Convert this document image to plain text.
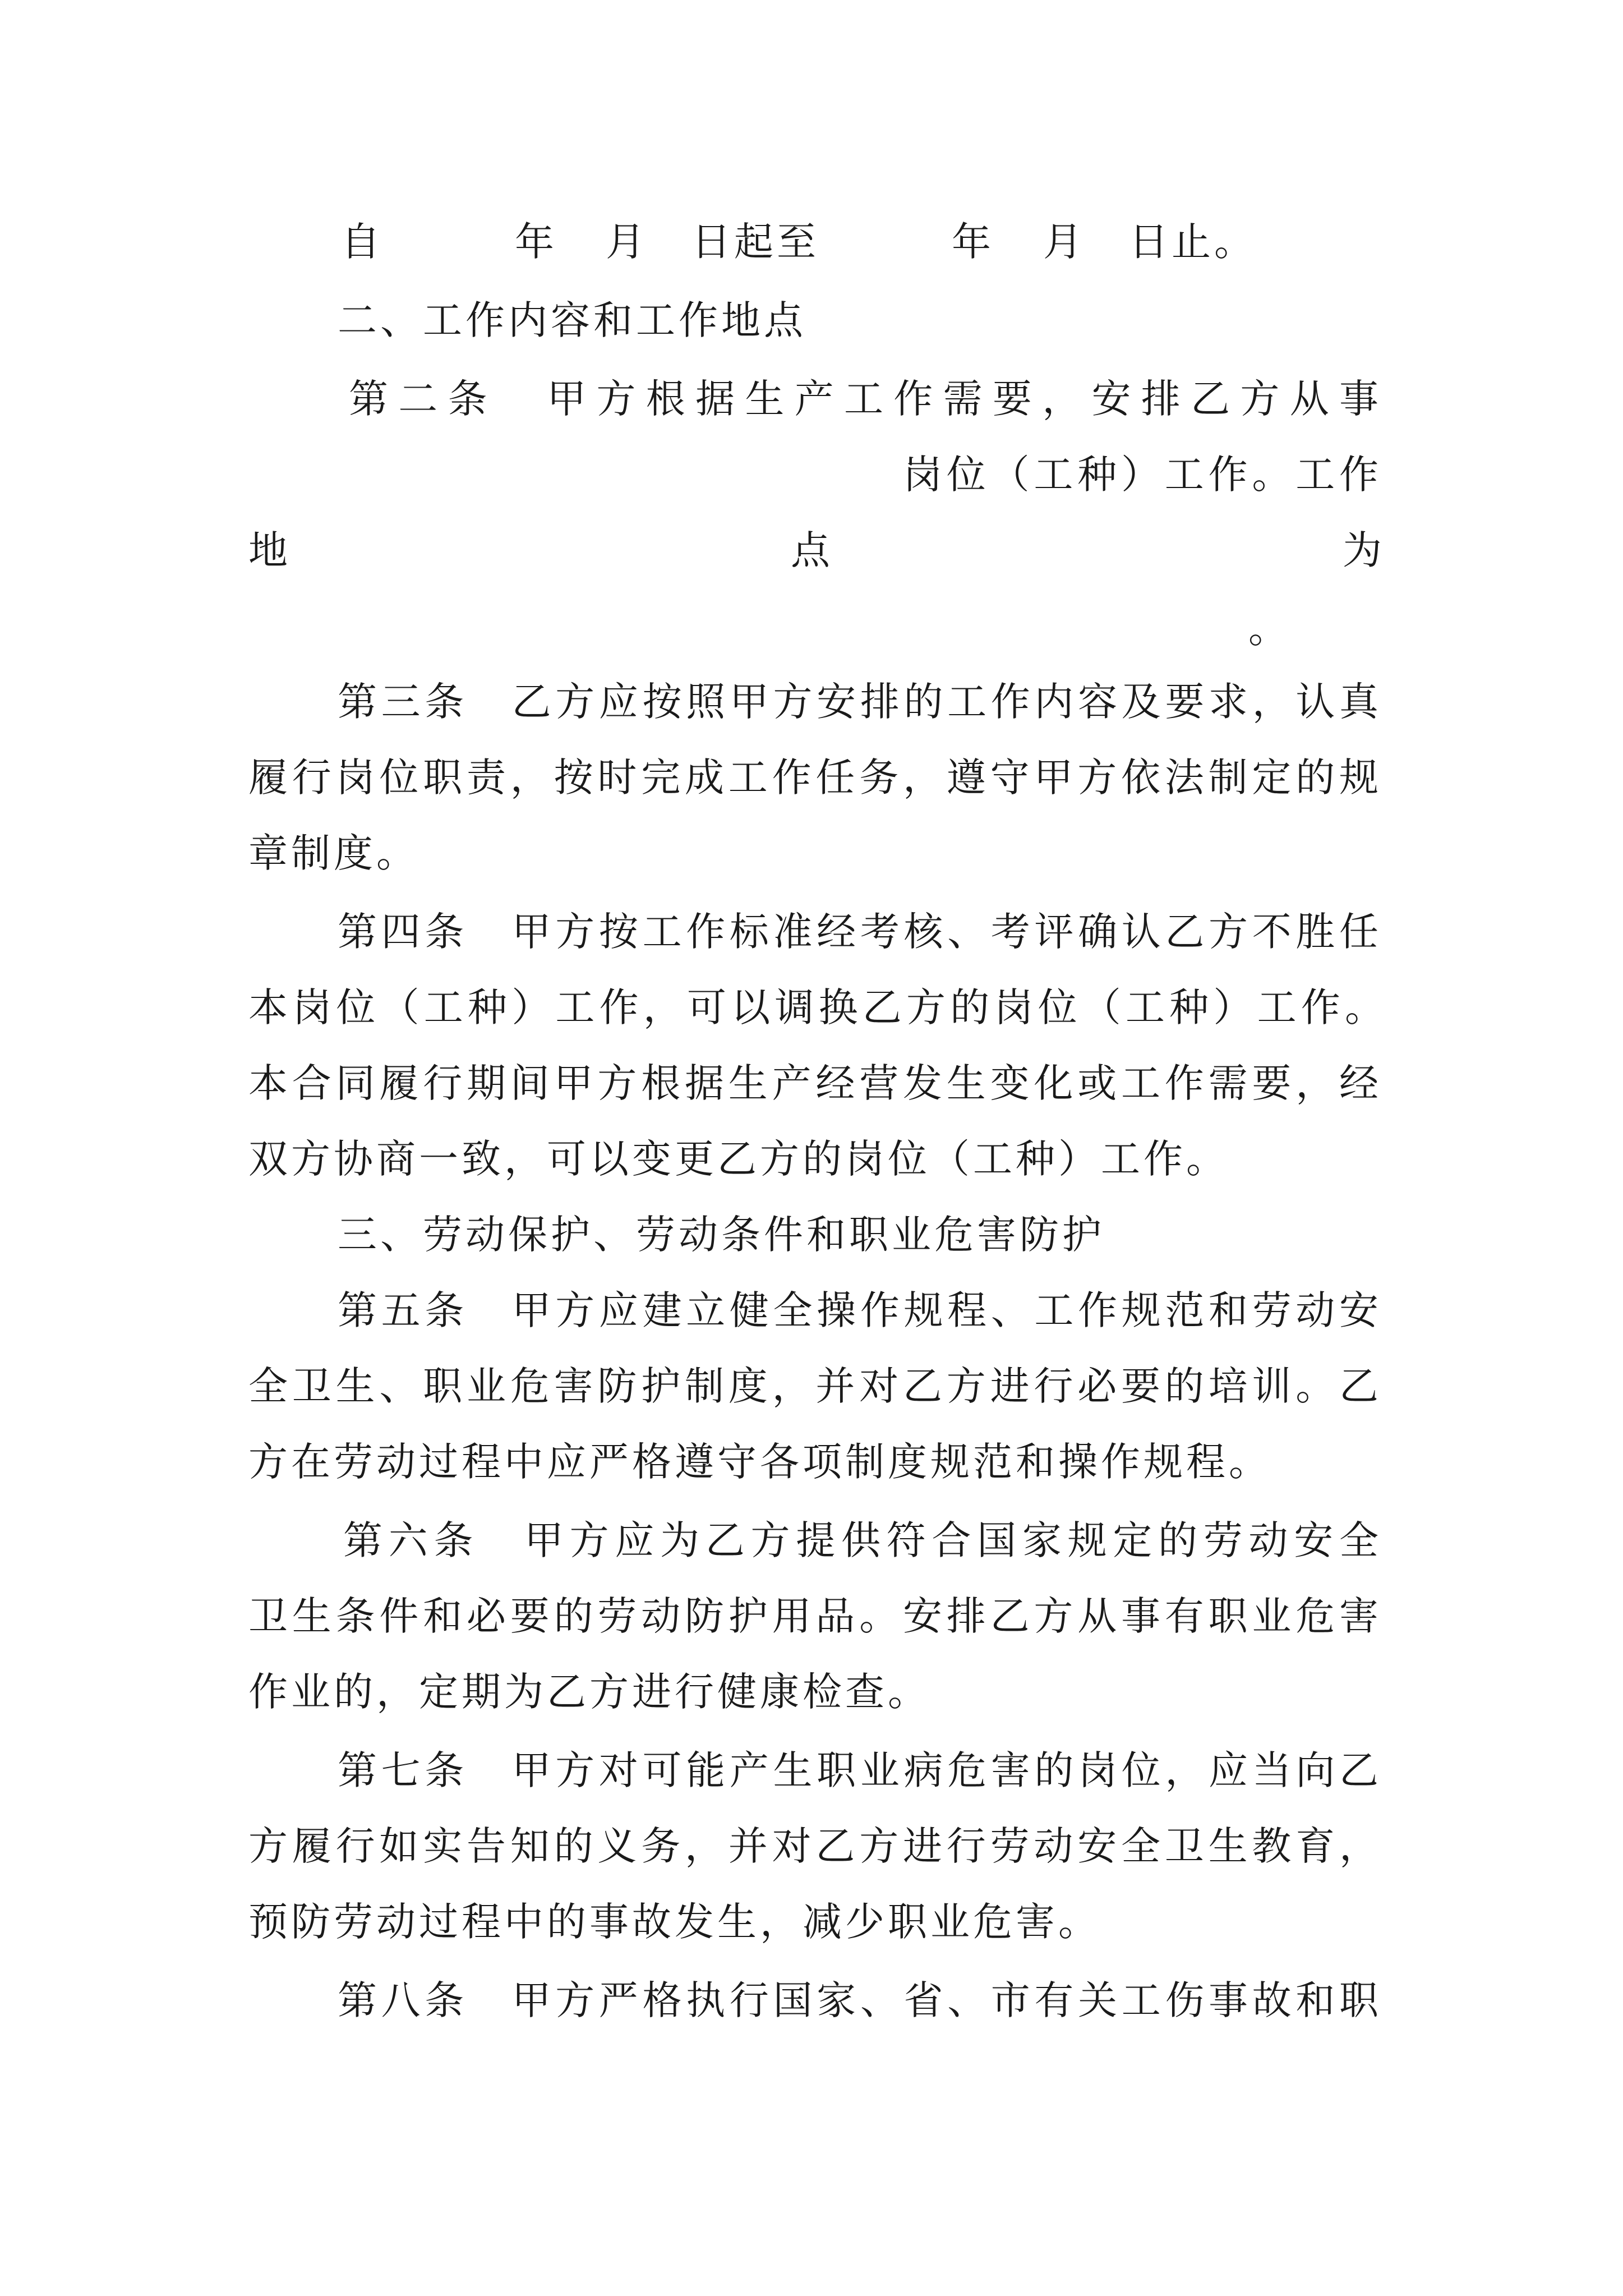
自	年 月 日起至	年 月 日止。
二、工作内容和工作地点
第二条　甲方根据生产工作需要，安排乙方从事
岗位（工种）工作。工作
地	点	为
。
第三条　乙方应按照甲方安排的工作内容及要求，认真
履行岗位职责，按时完成工作任务，遵守甲方依法制定的规
章制度。
第四条　甲方按工作标准经考核、考评确认乙方不胜任
本岗位（工种）工作，可以调换乙方的岗位（工种）工作。
本合同履行期间甲方根据生产经营发生变化或工作需要，经
双方协商一致，可以变更乙方的岗位（工种）工作。
三、劳动保护、劳动条件和职业危害防护
第五条　甲方应建立健全操作规程、工作规范和劳动安
全卫生、职业危害防护制度，并对乙方进行必要的培训。乙
方在劳动过程中应严格遵守各项制度规范和操作规程。
第六条　甲方应为乙方提供符合国家规定的劳动安全
卫生条件和必要的劳动防护用品。安排乙方从事有职业危害
作业的，定期为乙方进行健康检查。
第七条　甲方对可能产生职业病危害的岗位，应当向乙
方履行如实告知的义务，并对乙方进行劳动安全卫生教育，
预防劳动过程中的事故发生，减少职业危害。
第八条　甲方严格执行国家、省、市有关工伤事故和职
